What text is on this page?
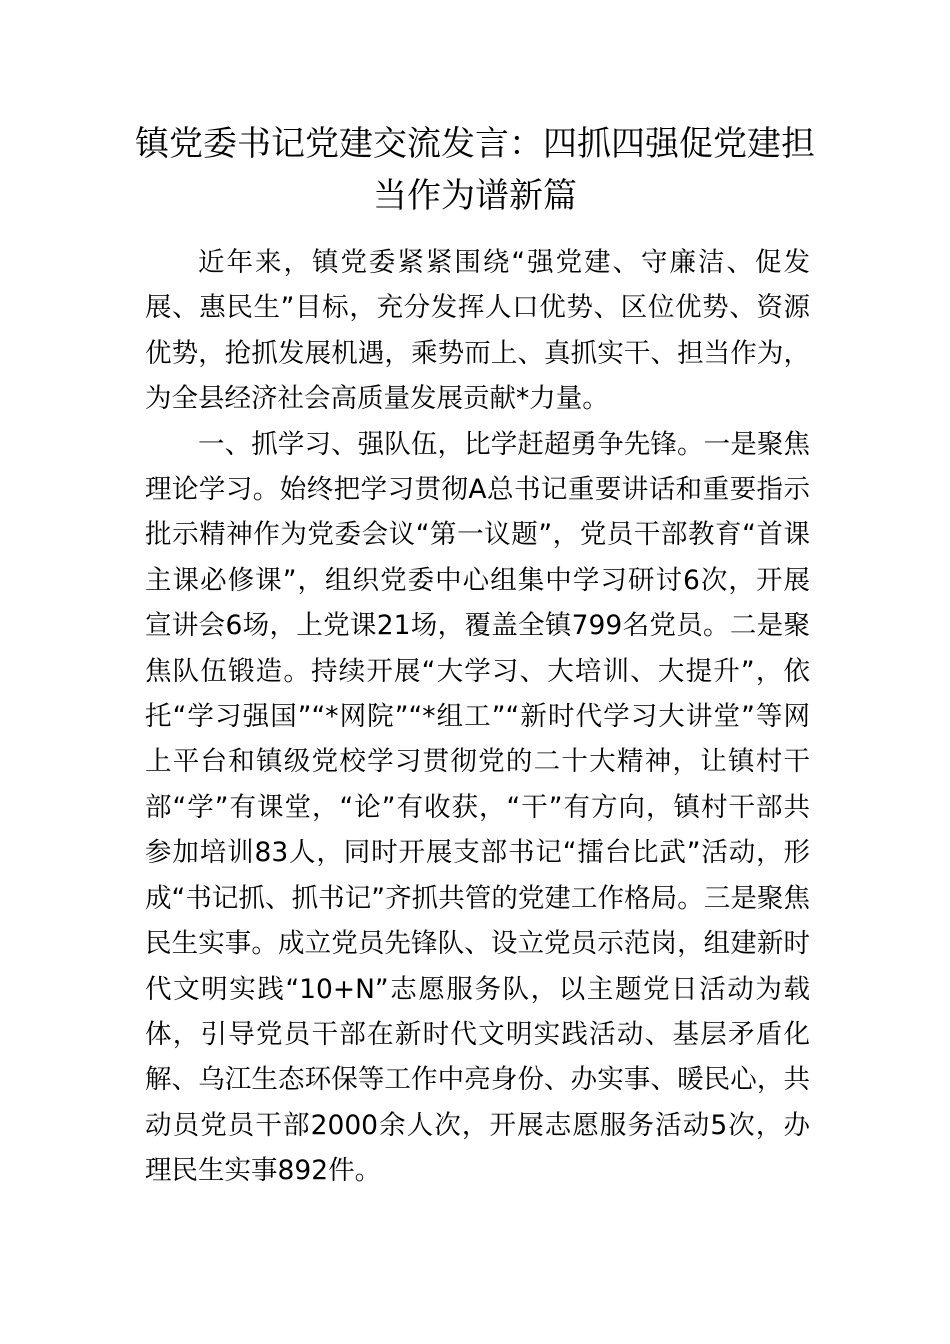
镇党委书记党建交流发言：四抓四强促党建担当作为谱新篇

近年来，镇党委紧紧围绕“强党建、守廉洁、促发展、惠民生”目标，充分发挥人口优势、区位优势、资源优势，抢抓发展机遇，乘势而上、真抓实干、担当作为，为全县经济社会高质量发展贡献*力量。

一、抓学习、强队伍，比学赶超勇争先锋。一是聚焦理论学习。始终把学习贯彻A总书记重要讲话和重要指示批示精神作为党委会议“第一议题”，党员干部教育“首课主课必修课”，组织党委中心组集中学习研讨6次，开展宣讲会6场，上党课21场，覆盖全镇799名党员。二是聚焦队伍锻造。持续开展“大学习、大培训、大提升”，依托“学习强国”“*网院”“*组工”“新时代学习大讲堂”等网上平台和镇级党校学习贯彻党的二十大精神，让镇村干部“学”有课堂，“论”有收获，“干”有方向，镇村干部共参加培训83人，同时开展支部书记“擂台比武”活动，形成“书记抓、抓书记”齐抓共管的党建工作格局。三是聚焦民生实事。成立党员先锋队、设立党员示范岗，组建新时代文明实践“10+N”志愿服务队，以主题党日活动为载体，引导党员干部在新时代文明实践活动、基层矛盾化解、乌江生态环保等工作中亮身份、办实事、暖民心，共动员党员干部2000余人次，开展志愿服务活动5次，办理民生实事892件。
